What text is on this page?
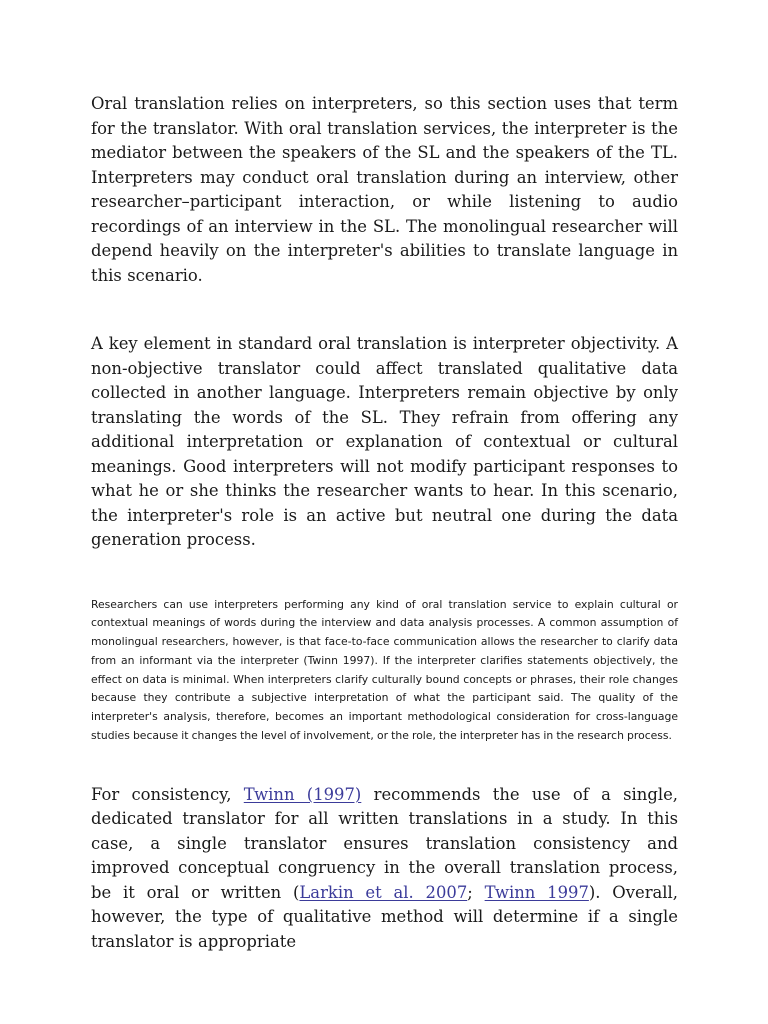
Oral translation relies on interpreters, so this section uses that term for the translator. With oral translation services, the interpreter is the mediator between the speakers of the SL and the speakers of the TL. Interpreters may conduct oral translation during an interview, other researcher–participant interaction, or while listening to audio recordings of an interview in the SL. The monolingual researcher will depend heavily on the interpreter's abilities to translate language in this scenario.

A key element in standard oral translation is interpreter objectivity. A non-objective translator could affect translated qualitative data collected in another language. Interpreters remain objective by only translating the words of the SL. They refrain from offering any additional interpretation or explanation of contextual or cultural meanings. Good interpreters will not modify participant responses to what he or she thinks the researcher wants to hear. In this scenario, the interpreter's role is an active but neutral one during the data generation process.

Researchers can use interpreters performing any kind of oral translation service to explain cultural or contextual meanings of words during the interview and data analysis processes. A common assumption of monolingual researchers, however, is that face-to-face communication allows the researcher to clarify data from an informant via the interpreter (Twinn 1997). If the interpreter clarifies statements objectively, the effect on data is minimal. When interpreters clarify culturally bound concepts or phrases, their role changes because they contribute a subjective interpretation of what the participant said. The quality of the interpreter's analysis, therefore, becomes an important methodological consideration for cross-language studies because it changes the level of involvement, or the role, the interpreter has in the research process.

For consistency, Twinn (1997) recommends the use of a single, dedicated translator for all written translations in a study. In this case, a single translator ensures translation consistency and improved conceptual congruency in the overall translation process, be it oral or written (Larkin et al. 2007; Twinn 1997). Overall, however, the type of qualitative method will determine if a single translator is appropriate
